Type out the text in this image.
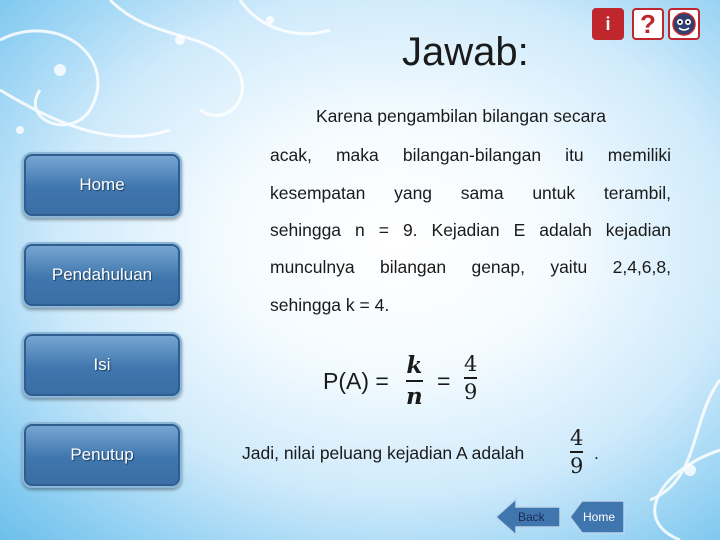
Jawab:
i ?
Home
Pendahuluan
Isi
Penutup
Karena pengambilan bilangan secara
acak, maka bilangan-bilangan itu memiliki
kesempatan yang sama untuk terambil,
sehingga n = 9. Kejadian E adalah kejadian
munculnya bilangan genap, yaitu 2,4,6,8,
sehingga k = 4.
P(A) =
k
n
=
4
9
Jadi, nilai peluang kejadian A adalah
4
9
.
Back	Home
